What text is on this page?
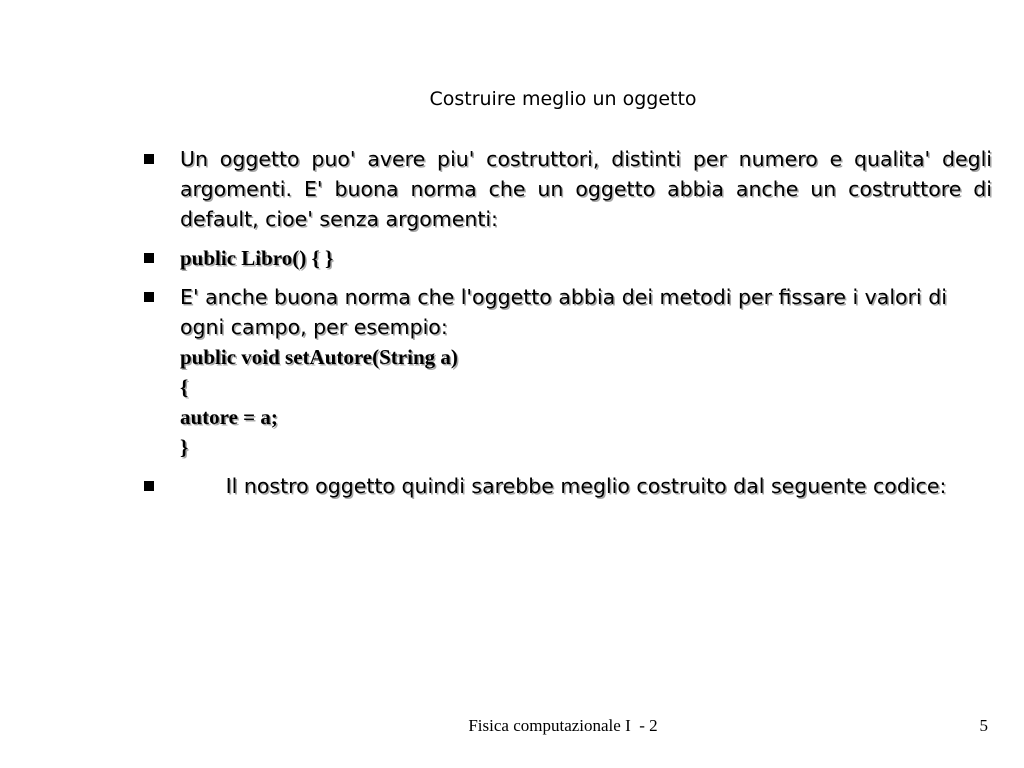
Costruire meglio un oggetto
Un oggetto puo' avere piu' costruttori, distinti per numero e qualita' degli argomenti. E' buona norma che un oggetto abbia anche un costruttore di default, cioe' senza argomenti:
public Libro() { }
E' anche buona norma che l'oggetto abbia dei metodi per fissare i valori di ogni campo, per esempio:
public void setAutore(String a)
{
autore = a;
}
Il nostro oggetto quindi sarebbe meglio costruito dal seguente codice:
Fisica computazionale I  - 2	5
